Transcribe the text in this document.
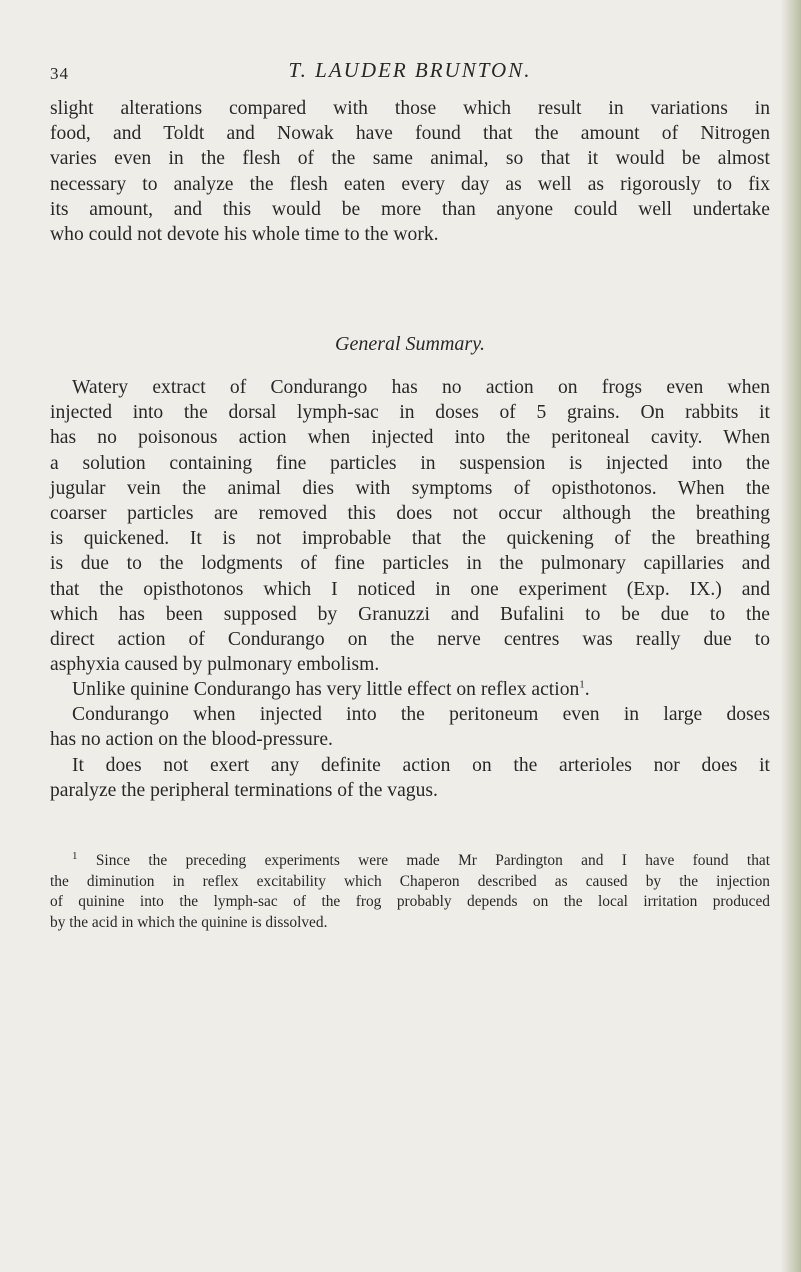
34	T. LAUDER BRUNTON.
slight alterations compared with those which result in variations in
food, and Toldt and Nowak have found that the amount of Nitrogen
varies even in the flesh of the same animal, so that it would be almost
necessary to analyze the flesh eaten every day as well as rigorously to fix
its amount, and this would be more than anyone could well undertake
who could not devote his whole time to the work.
General Summary.
Watery extract of Condurango has no action on frogs even when
injected into the dorsal lymph-sac in doses of 5 grains. On rabbits it
has no poisonous action when injected into the peritoneal cavity. When
a solution containing fine particles in suspension is injected into the
jugular vein the animal dies with symptoms of opisthotonos. When the
coarser particles are removed this does not occur although the breathing
is quickened. It is not improbable that the quickening of the breathing
is due to the lodgments of fine particles in the pulmonary capillaries and
that the opisthotonos which I noticed in one experiment (Exp. IX.) and
which has been supposed by Granuzzi and Bufalini to be due to the
direct action of Condurango on the nerve centres was really due to
asphyxia caused by pulmonary embolism.
Unlike quinine Condurango has very little effect on reflex action$^1$.
Condurango when injected into the peritoneum even in large doses
has no action on the blood-pressure.
It does not exert any definite action on the arterioles nor does it
paralyze the peripheral terminations of the vagus.
$^1$ Since the preceding experiments were made Mr Pardington and I have found that
the diminution in reflex excitability which Chaperon described as caused by the injection
of quinine into the lymph-sac of the frog probably depends on the local irritation produced
by the acid in which the quinine is dissolved.
